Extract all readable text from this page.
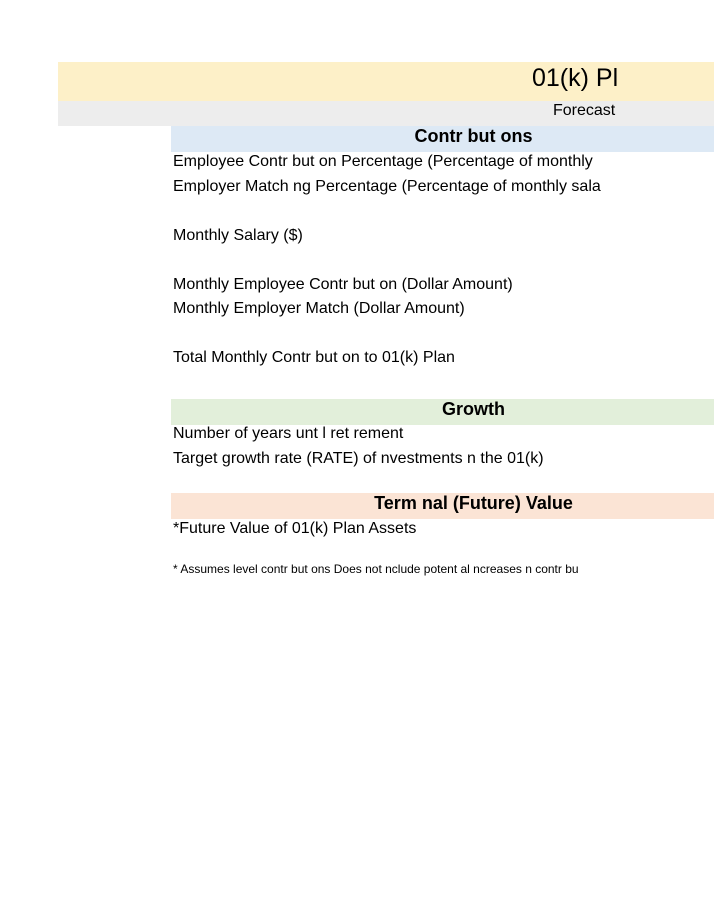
01(k) Pl
Forecast
Contr but ons
Employee Contr but on Percentage (Percentage of monthly
Employer Match ng Percentage (Percentage of monthly sala
Monthly Salary ($)
Monthly Employee Contr but on (Dollar Amount)
Monthly Employer Match (Dollar Amount)
Total Monthly Contr but on to 01(k) Plan
Growth
Number of years unt l ret rement
Target growth rate (RATE) of nvestments n the 01(k)
Term nal (Future) Value
*Future Value of 01(k) Plan Assets
* Assumes level contr but ons Does not nclude potent al ncreases n contr bu
